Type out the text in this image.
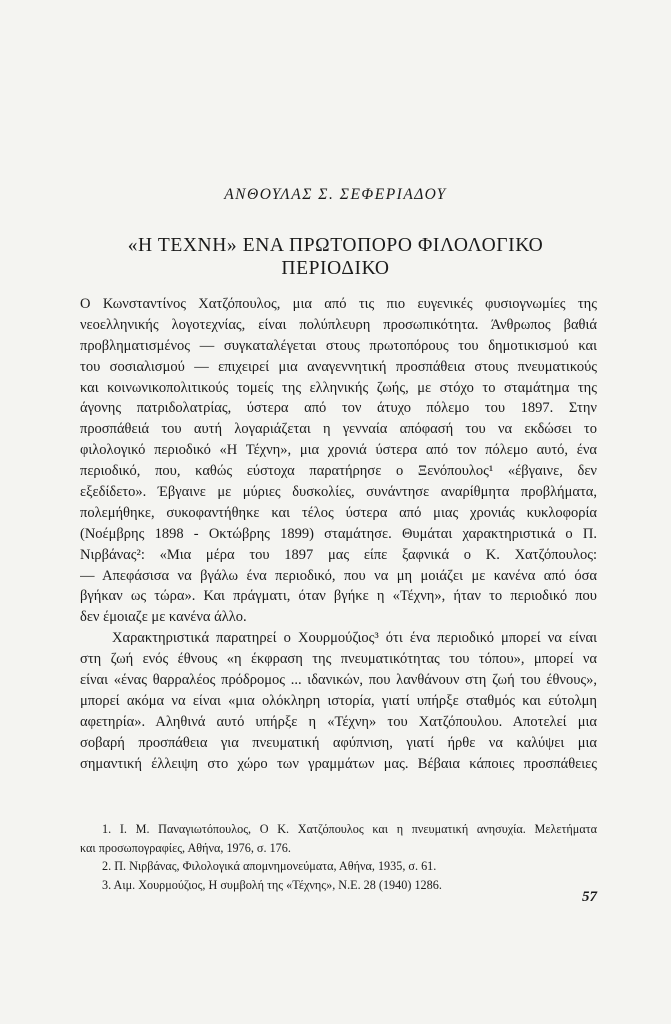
ΑΝΘΟΥΛΑΣ Σ. ΣΕΦΕΡΙΑΔΟΥ
«Η ΤΕΧΝΗ» ΕΝΑ ΠΡΩΤΟΠΟΡΟ ΦΙΛΟΛΟΓΙΚΟ
ΠΕΡΙΟΔΙΚΟ
Ο Κωνσταντίνος Χατζόπουλος, μια από τις πιο ευγενικές φυσιογνωμίες της
νεοελληνικής λογοτεχνίας, είναι πολύπλευρη προσωπικότητα. Άνθρωπος βαθιά
προβληματισμένος — συγκαταλέγεται στους πρωτοπόρους του δημοτικισμού και
του σοσιαλισμού — επιχειρεί μια αναγεννητική προσπάθεια στους πνευματικούς
και κοινωνικοπολιτικούς τομείς της ελληνικής ζωής, με στόχο το σταμάτημα της
άγονης πατριδολατρίας, ύστερα από τον άτυχο πόλεμο του 1897. Στην
προσπάθειά του αυτή λογαριάζεται η γενναία απόφασή του να εκδώσει το
φιλολογικό περιοδικό «Η Τέχνη», μια χρονιά ύστερα από τον πόλεμο αυτό, ένα
περιοδικό, που, καθώς εύστοχα παρατήρησε ο Ξενόπουλος¹ «έβγαινε, δεν
εξεδίδετο». Έβγαινε με μύριες δυσκολίες, συνάντησε αναρίθμητα προβλήματα,
πολεμήθηκε, συκοφαντήθηκε και τέλος ύστερα από μιας χρονιάς κυκλοφορία
(Νοέμβρης 1898 - Οκτώβρης 1899) σταμάτησε. Θυμάται χαρακτηριστικά ο Π.
Νιρβάνας²: «Μια μέρα του 1897 μας είπε ξαφνικά ο Κ. Χατζόπουλος:
— Απεφάσισα να βγάλω ένα περιοδικό, που να μη μοιάζει με κανένα από όσα
βγήκαν ως τώρα». Και πράγματι, όταν βγήκε η «Τέχνη», ήταν το περιοδικό που
δεν έμοιαζε με κανένα άλλο.
Χαρακτηριστικά παρατηρεί ο Χουρμούζιος³ ότι ένα περιοδικό μπορεί να είναι
στη ζωή ενός έθνους «η έκφραση της πνευματικότητας του τόπου», μπορεί να
είναι «ένας θαρραλέος πρόδρομος ... ιδανικών, που λανθάνουν στη ζωή του έθνους»,
μπορεί ακόμα να είναι «μια ολόκληρη ιστορία, γιατί υπήρξε σταθμός και εύτολμη
αφετηρία». Αληθινά αυτό υπήρξε η «Τέχνη» του Χατζόπουλου. Αποτελεί μια
σοβαρή προσπάθεια για πνευματική αφύπνιση, γιατί ήρθε να καλύψει μια
σημαντική έλλειψη στο χώρο των γραμμάτων μας. Βέβαια κάποιες προσπάθειες
1. Ι. Μ. Παναγιωτόπουλος, Ο Κ. Χατζόπουλος και η πνευματική ανησυχία. Μελετήματα
και προσωπογραφίες, Αθήνα, 1976, σ. 176.
2. Π. Νιρβάνας, Φιλολογικά απομνημονεύματα, Αθήνα, 1935, σ. 61.
3. Αιμ. Χουρμούζιος, Η συμβολή της «Τέχνης», Ν.Ε. 28 (1940) 1286.
57
